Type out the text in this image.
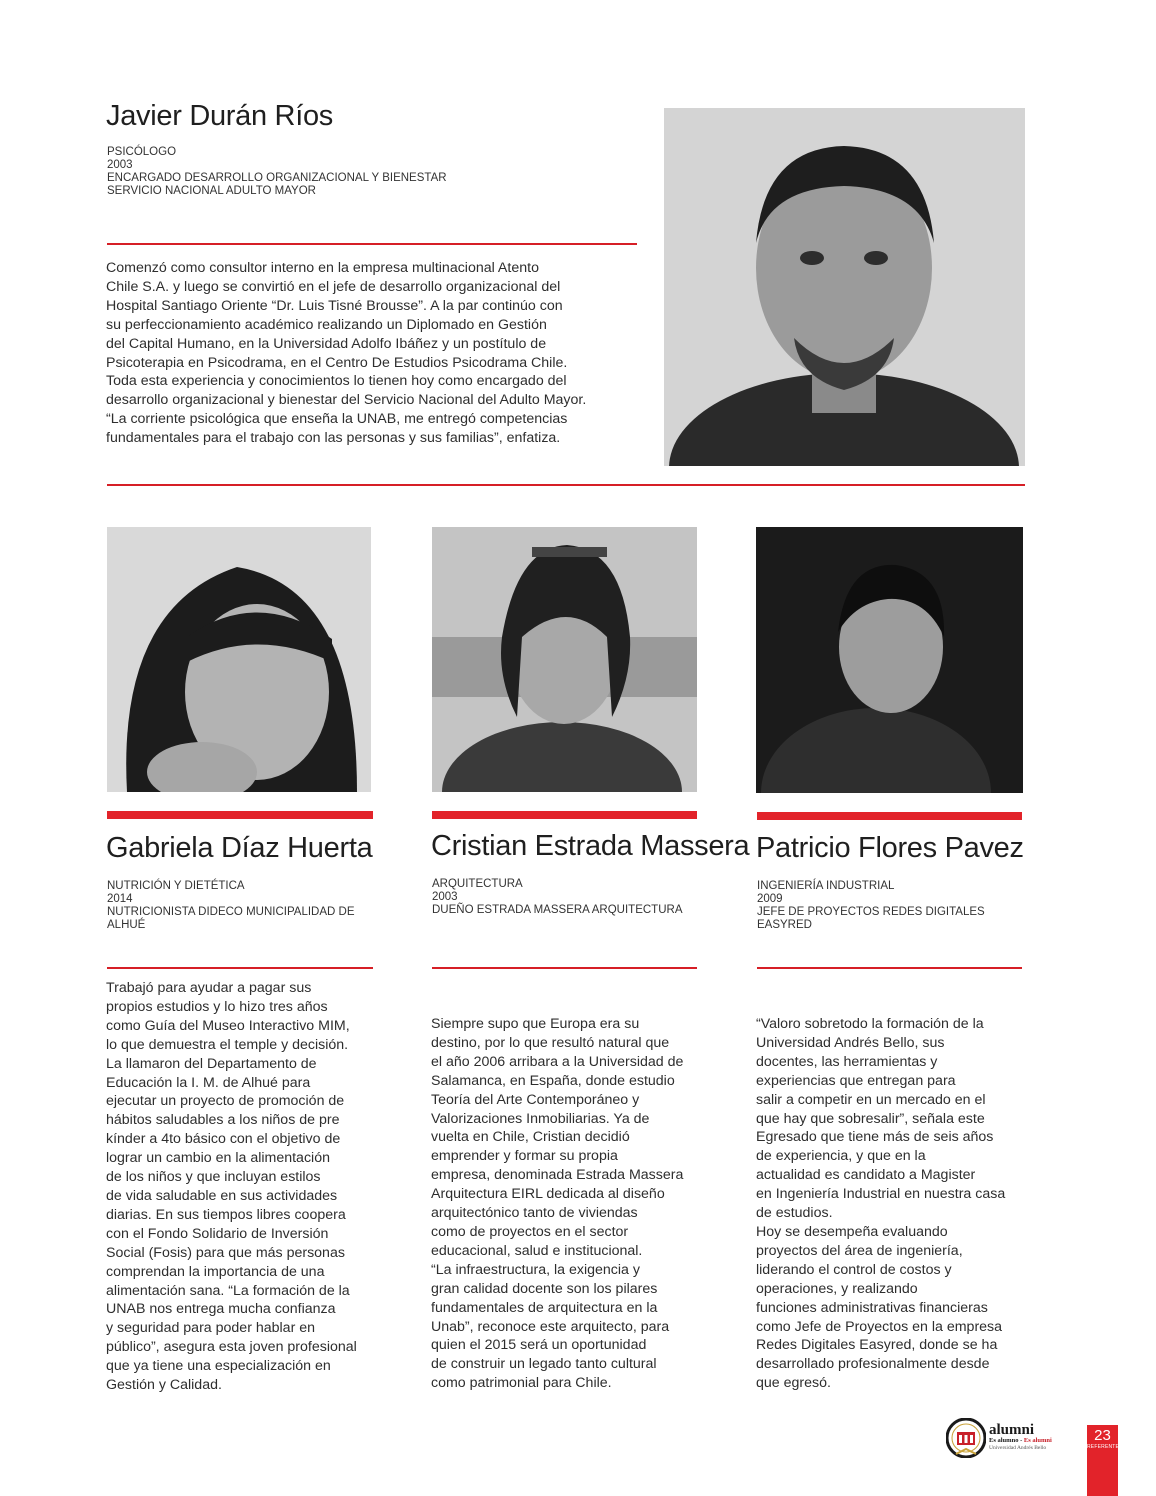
Javier Durán Ríos
PSICÓLOGO
2003
ENCARGADO DESARROLLO ORGANIZACIONAL Y BIENESTAR
SERVICIO NACIONAL ADULTO MAYOR
Comenzó como consultor interno en la empresa multinacional Atento
Chile S.A. y luego se convirtió en el jefe de desarrollo organizacional del
Hospital Santiago Oriente “Dr. Luis Tisné Brousse”. A la par continúo con
su perfeccionamiento académico realizando un Diplomado en Gestión
del Capital Humano, en la Universidad Adolfo Ibáñez y un postítulo de
Psicoterapia en Psicodrama, en el Centro De Estudios Psicodrama Chile.
Toda esta experiencia y conocimientos lo tienen hoy como encargado del
desarrollo organizacional y bienestar del Servicio Nacional del Adulto Mayor.
“La corriente psicológica que enseña la UNAB, me entregó competencias
fundamentales para el trabajo con las personas y sus familias”, enfatiza.
Gabriela Díaz Huerta
NUTRICIÓN Y DIETÉTICA
2014
NUTRICIONISTA DIDECO MUNICIPALIDAD DE
ALHUÉ
Trabajó para ayudar a pagar sus
propios estudios y lo hizo tres años
como Guía del Museo Interactivo MIM,
lo que demuestra el temple y decisión.
La llamaron del Departamento de
Educación la I. M. de Alhué para
ejecutar un proyecto de promoción de
hábitos saludables a los niños de pre
kínder a 4to básico con el objetivo de
lograr un cambio en la alimentación
de los niños y que incluyan estilos
de vida saludable en sus actividades
diarias. En sus tiempos libres coopera
con el Fondo Solidario de Inversión
Social (Fosis) para que más personas
comprendan la importancia de una
alimentación sana. “La formación de la
UNAB nos entrega mucha confianza
y seguridad para poder hablar en
público”, asegura esta joven profesional
que ya tiene una especialización en
Gestión y Calidad.
Cristian Estrada Massera
ARQUITECTURA
2003
DUEÑO ESTRADA MASSERA ARQUITECTURA
Siempre supo que Europa era su
destino, por lo que resultó natural que
el año 2006 arribara a la Universidad de
Salamanca, en España, donde estudio
Teoría del Arte Contemporáneo y
Valorizaciones Inmobiliarias. Ya de
vuelta en Chile, Cristian decidió
emprender y formar su propia
empresa, denominada Estrada Massera
Arquitectura EIRL dedicada al diseño
arquitectónico tanto de viviendas
como de proyectos en el sector
educacional, salud e institucional.
“La infraestructura, la exigencia y
gran calidad docente son los pilares
fundamentales de arquitectura en la
Unab”, reconoce este arquitecto, para
quien el 2015 será un oportunidad
de construir un legado tanto cultural
como patrimonial para Chile.
Patricio Flores Pavez
INGENIERÍA INDUSTRIAL
2009
JEFE DE PROYECTOS REDES DIGITALES EASYRED
“Valoro sobretodo la formación de la
Universidad Andrés Bello, sus
docentes, las herramientas y
experiencias que entregan para
salir a competir en un mercado en el
que hay que sobresalir”, señala este
Egresado que tiene más de seis años
de experiencia, y que en la
actualidad es candidato a Magister
en Ingeniería Industrial en nuestra casa
de estudios.
Hoy se desempeña evaluando
proyectos del área de ingeniería,
liderando el control de costos y
operaciones, y realizando
funciones administrativas financieras
como Jefe de Proyectos en la empresa
Redes Digitales Easyred, donde se ha
desarrollado profesionalmente desde
que egresó.
alumni
Es alumno - Es alumni
Universidad Andrés Bello
23
REFERENTES
